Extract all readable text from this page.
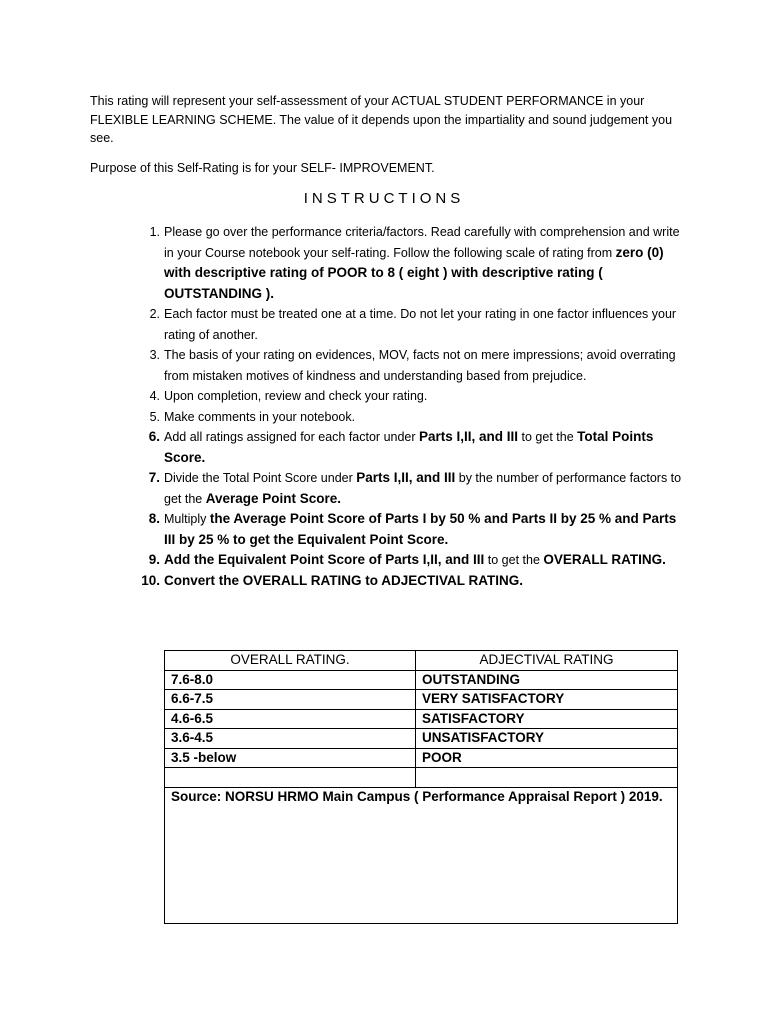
This rating will represent your self-assessment of your ACTUAL STUDENT PERFORMANCE in your FLEXIBLE LEARNING SCHEME. The value of it depends upon the impartiality and sound judgement you see.

Purpose of this Self-Rating is for your SELF- IMPROVEMENT.

INSTRUCTIONS
1. Please go over the performance criteria/factors. Read carefully with comprehension and write in your Course notebook your self-rating. Follow the following scale of rating from zero (0) with descriptive rating of POOR to 8 ( eight ) with descriptive rating ( OUTSTANDING ).
2. Each factor must be treated one at a time. Do not let your rating in one factor influences your rating of another.
3. The basis of your rating on evidences, MOV, facts not on mere impressions; avoid overrating from mistaken motives of kindness and understanding based from prejudice.
4. Upon completion, review and check your rating.
5. Make comments in your notebook.
6. Add all ratings assigned for each factor under Parts I,II, and III to get the Total Points Score.
7. Divide the Total Point Score under Parts I,II, and III by the number of performance factors to get the Average Point Score.
8. Multiply the Average Point Score of Parts I by 50 % and Parts II by 25 % and Parts III by 25 % to get the Equivalent Point Score.
9. Add the Equivalent Point Score of Parts I,II, and III to get the OVERALL RATING.
10. Convert the OVERALL RATING to ADJECTIVAL RATING.
OVERALL RATING.	ADJECTIVAL RATING
7.6-8.0	OUTSTANDING
6.6-7.5	VERY SATISFACTORY
4.6-6.5	SATISFACTORY
3.6-4.5	UNSATISFACTORY
3.5 -below	POOR

Source: NORSU HRMO Main Campus ( Performance Appraisal Report ) 2019.	
